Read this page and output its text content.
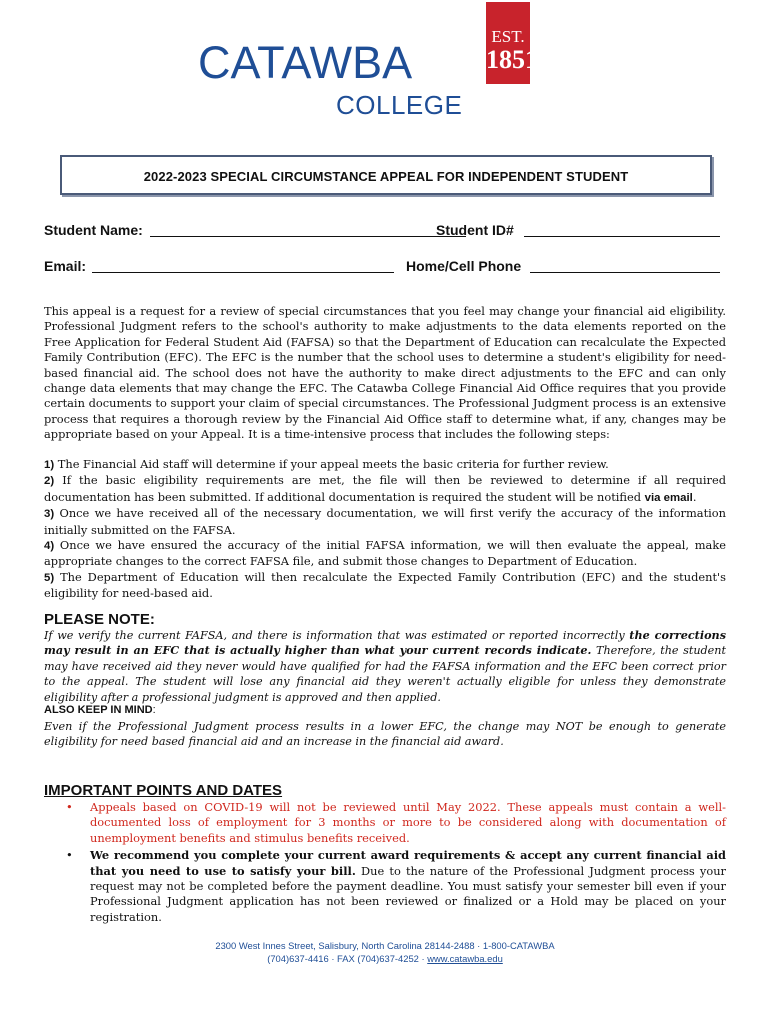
CATAWBA
COLLEGE
EST.
1851
2022-2023 SPECIAL CIRCUMSTANCE APPEAL FOR INDEPENDENT STUDENT
Student Name:	Student ID#
Email:	Home/Cell Phone

This appeal is a request for a review of special circumstances that you feel may change your financial aid eligibility. Professional Judgment refers to the school's authority to make adjustments to the data elements reported on the Free Application for Federal Student Aid (FAFSA) so that the Department of Education can recalculate the Expected Family Contribution (EFC). The EFC is the number that the school uses to determine a student's eligibility for need-based financial aid. The school does not have the authority to make direct adjustments to the EFC and can only change data elements that may change the EFC. The Catawba College Financial Aid Office requires that you provide certain documents to support your claim of special circumstances. The Professional Judgment process is an extensive process that requires a thorough review by the Financial Aid Office staff to determine what, if any, changes may be appropriate based on your Appeal. It is a time-intensive process that includes the following steps:

1) The Financial Aid staff will determine if your appeal meets the basic criteria for further review.

2) If the basic eligibility requirements are met, the file will then be reviewed to determine if all required documentation has been submitted. If additional documentation is required the student will be notified via email.

3) Once we have received all of the necessary documentation, we will first verify the accuracy of the information initially submitted on the FAFSA.

4) Once we have ensured the accuracy of the initial FAFSA information, we will then evaluate the appeal, make appropriate changes to the correct FAFSA file, and submit those changes to Department of Education.

5) The Department of Education will then recalculate the Expected Family Contribution (EFC) and the student's eligibility for need-based aid.

PLEASE NOTE:

If we verify the current FAFSA, and there is information that was estimated or reported incorrectly the corrections may result in an EFC that is actually higher than what your current records indicate. Therefore, the student may have received aid they never would have qualified for had the FAFSA information and the EFC been correct prior to the appeal. The student will lose any financial aid they weren't actually eligible for unless they demonstrate eligibility after a professional judgment is approved and then applied.

ALSO KEEP IN MIND:

Even if the Professional Judgment process results in a lower EFC, the change may NOT be enough to generate eligibility for need based financial aid and an increase in the financial aid award.

IMPORTANT POINTS AND DATES
• Appeals based on COVID-19 will not be reviewed until May 2022. These appeals must contain a well-documented loss of employment for 3 months or more to be considered along with documentation of unemployment benefits and stimulus benefits received.
• We recommend you complete your current award requirements & accept any current financial aid that you need to use to satisfy your bill. Due to the nature of the Professional Judgment process your request may not be completed before the payment deadline. You must satisfy your semester bill even if your Professional Judgment application has not been reviewed or finalized or a Hold may be placed on your registration.
2300 West Innes Street, Salisbury, North Carolina 28144-2488 · 1-800-CATAWBA
(704)637-4416 · FAX (704)637-4252 · www.catawba.edu
